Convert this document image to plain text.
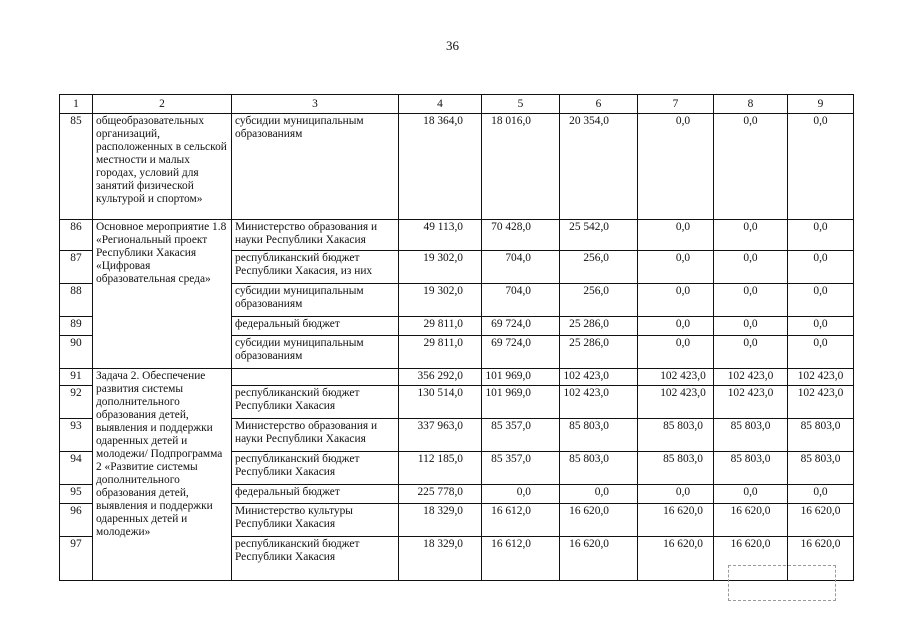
36
1	2	3	4	5	6	7	8	9
85	общеобразовательных организаций, расположенных в сельской местности и малых городах, условий для занятий физической культурой и спортом»	субсидии муниципальным образованиям	18 364,0	18 016,0	20 354,0	0,0	0,0	0,0
86	Основное мероприятие 1.8 «Региональный проект Республики Хакасия «Цифровая образовательная среда»	Министерство образования и науки Республики Хакасия	49 113,0	70 428,0	25 542,0	0,0	0,0	0,0
87		республиканский бюджет Республики Хакасия, из них	19 302,0	704,0	256,0	0,0	0,0	0,0
88		субсидии муниципальным образованиям	19 302,0	704,0	256,0	0,0	0,0	0,0
89		федеральный бюджет	29 811,0	69 724,0	25 286,0	0,0	0,0	0,0
90		субсидии муниципальным образованиям	29 811,0	69 724,0	25 286,0	0,0	0,0	0,0
91	Задача 2. Обеспечение развития системы дополнительного образования детей, выявления и поддержки одаренных детей и молодежи/ Подпрограмма 2 «Развитие системы дополнительного образования детей, выявления и поддержки одаренных детей и молодежи»		356 292,0	101 969,0	102 423,0	102 423,0	102 423,0	102 423,0
92		республиканский бюджет Республики Хакасия	130 514,0	101 969,0	102 423,0	102 423,0	102 423,0	102 423,0
93		Министерство образования и науки Республики Хакасия	337 963,0	85 357,0	85 803,0	85 803,0	85 803,0	85 803,0
94		республиканский бюджет Республики Хакасия	112 185,0	85 357,0	85 803,0	85 803,0	85 803,0	85 803,0
95		федеральный бюджет	225 778,0	0,0	0,0	0,0	0,0	0,0
96		Министерство культуры Республики Хакасия	18 329,0	16 612,0	16 620,0	16 620,0	16 620,0	16 620,0
97		республиканский бюджет Республики Хакасия	18 329,0	16 612,0	16 620,0	16 620,0	16 620,0	16 620,0
